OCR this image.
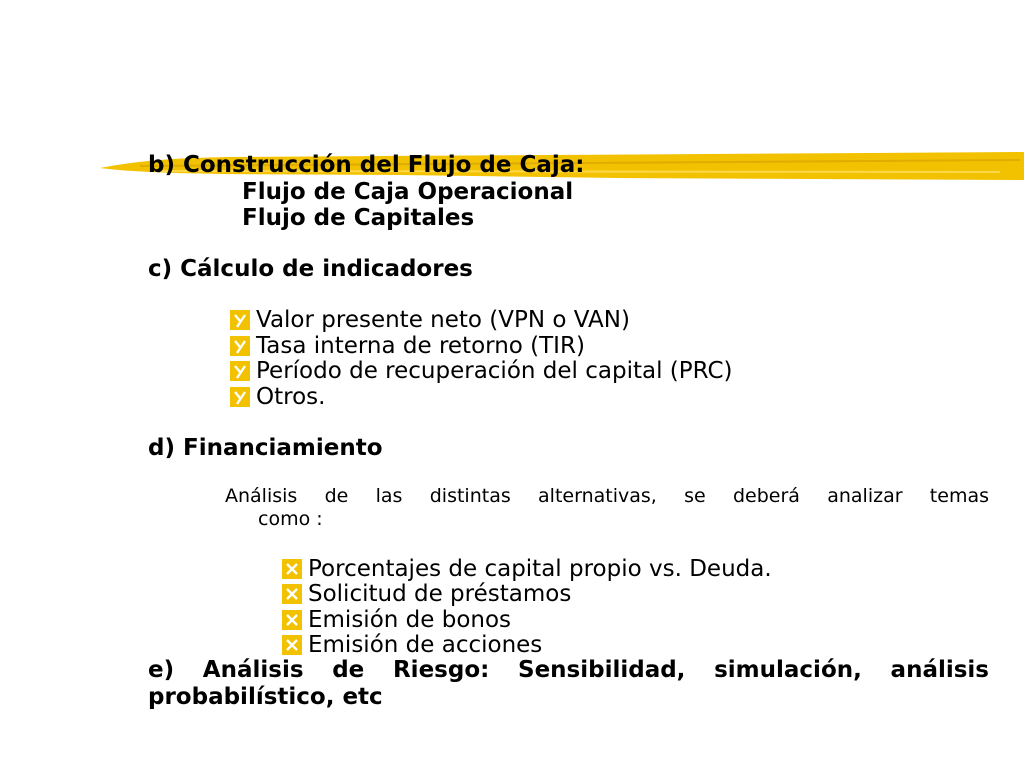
b) Construcción del Flujo de Caja:
Flujo de Caja Operacional
Flujo de Capitales
c) Cálculo de indicadores
Valor presente neto (VPN o VAN)
Tasa interna de retorno (TIR)
Período de recuperación del capital (PRC)
Otros.
d) Financiamiento
Análisis de las distintas alternativas, se deberá analizar temas
como :
Porcentajes de capital propio vs. Deuda.
Solicitud de préstamos
Emisión de bonos
Emisión de acciones
e) Análisis de Riesgo: Sensibilidad, simulación, análisis
probabilístico, etc
